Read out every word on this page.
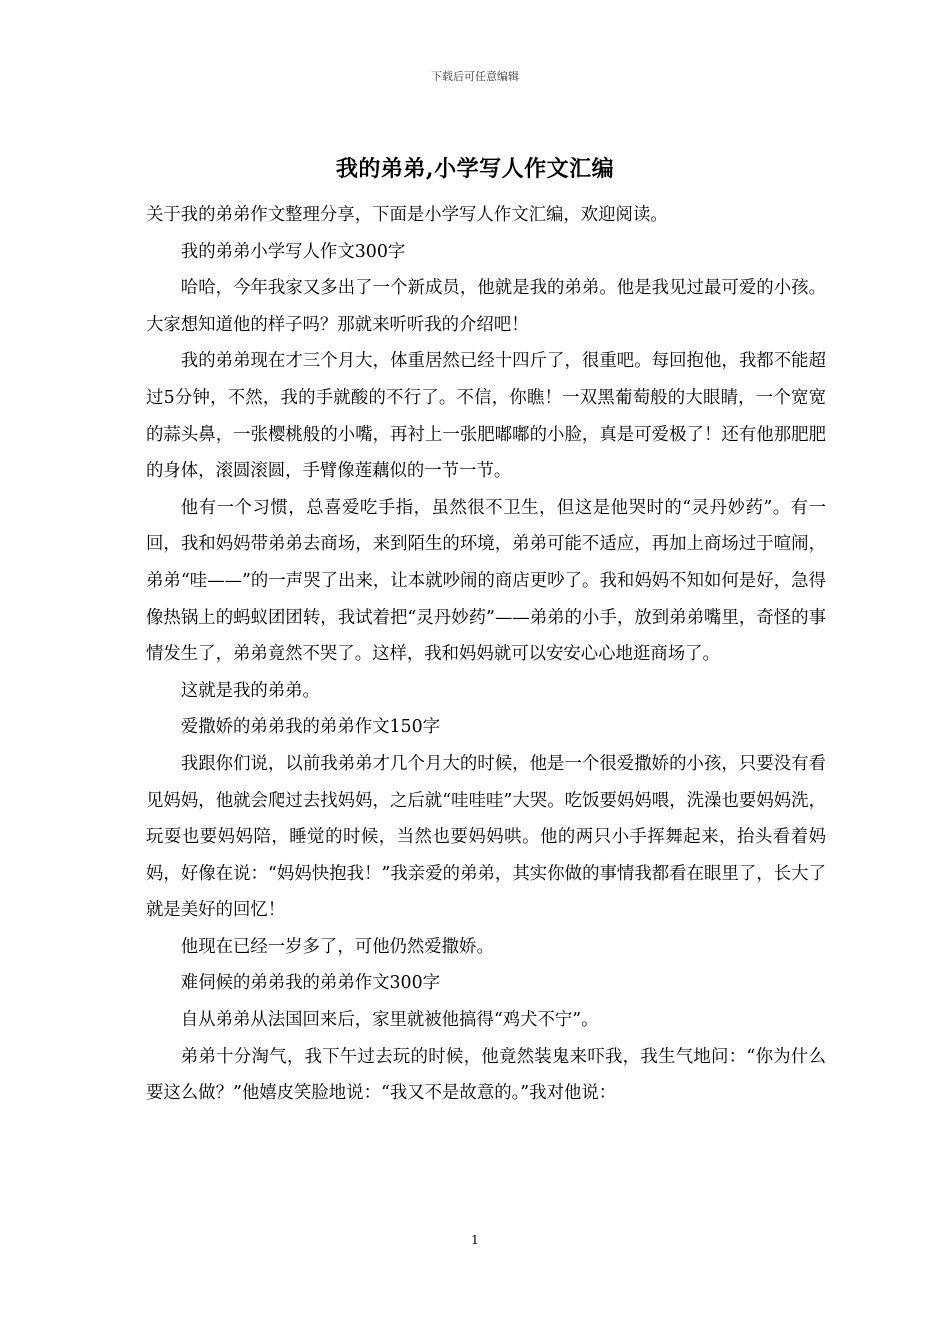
下载后可任意编辑
我的弟弟,小学写人作文汇编

关于我的弟弟作文整理分享，下面是小学写人作文汇编，欢迎阅读。

我的弟弟小学写人作文300字

哈哈，今年我家又多出了一个新成员，他就是我的弟弟。他是我见过最可爱的小孩。大家想知道他的样子吗？那就来听听我的介绍吧！

我的弟弟现在才三个月大，体重居然已经十四斤了，很重吧。每回抱他，我都不能超过5分钟，不然，我的手就酸的不行了。不信，你瞧！一双黑葡萄般的大眼睛，一个宽宽的蒜头鼻，一张樱桃般的小嘴，再衬上一张肥嘟嘟的小脸，真是可爱极了！还有他那肥肥的身体，滚圆滚圆，手臂像莲藕似的一节一节。

他有一个习惯，总喜爱吃手指，虽然很不卫生，但这是他哭时的“灵丹妙药”。有一回，我和妈妈带弟弟去商场，来到陌生的环境，弟弟可能不适应，再加上商场过于喧闹，弟弟“哇——”的一声哭了出来，让本就吵闹的商店更吵了。我和妈妈不知如何是好，急得像热锅上的蚂蚁团团转，我试着把“灵丹妙药”——弟弟的小手，放到弟弟嘴里，奇怪的事情发生了，弟弟竟然不哭了。这样，我和妈妈就可以安安心心地逛商场了。

这就是我的弟弟。

爱撒娇的弟弟我的弟弟作文150字

我跟你们说，以前我弟弟才几个月大的时候，他是一个很爱撒娇的小孩，只要没有看见妈妈，他就会爬过去找妈妈，之后就“哇哇哇”大哭。吃饭要妈妈喂，洗澡也要妈妈洗，玩耍也要妈妈陪，睡觉的时候，当然也要妈妈哄。他的两只小手挥舞起来，抬头看着妈妈，好像在说：“妈妈快抱我！”我亲爱的弟弟，其实你做的事情我都看在眼里了，长大了就是美好的回忆！

他现在已经一岁多了，可他仍然爱撒娇。

难伺候的弟弟我的弟弟作文300字

自从弟弟从法国回来后，家里就被他搞得“鸡犬不宁”。

弟弟十分淘气，我下午过去玩的时候，他竟然装鬼来吓我，我生气地问：“你为什么要这么做？”他嬉皮笑脸地说：“我又不是故意的。”我对他说：

1
